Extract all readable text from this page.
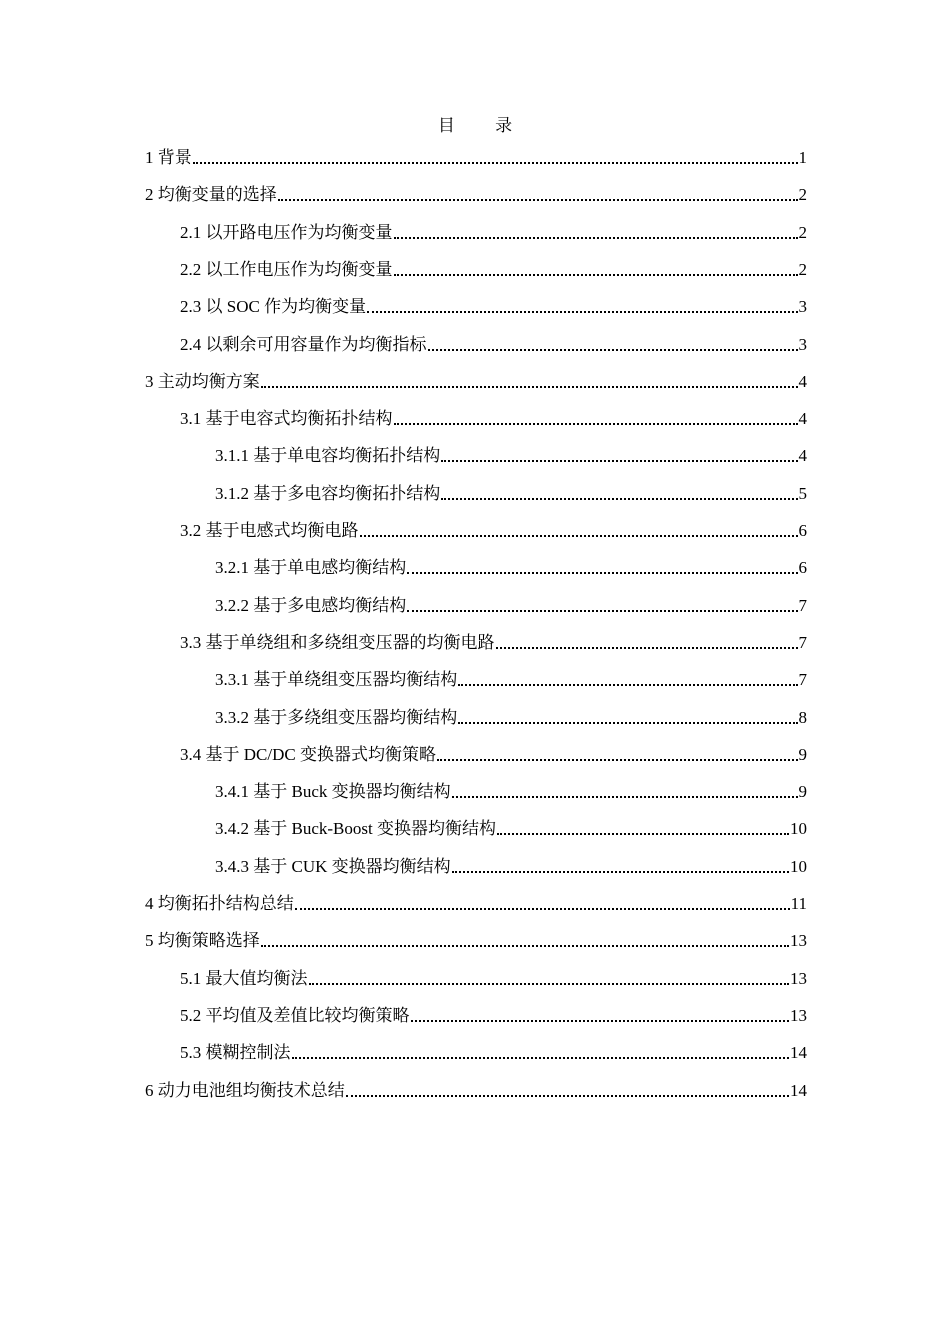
目 录
1 背景	1
2 均衡变量的选择	2
2.1 以开路电压作为均衡变量	2
2.2 以工作电压作为均衡变量	2
2.3 以 SOC 作为均衡变量	3
2.4 以剩余可用容量作为均衡指标	3
3 主动均衡方案	4
3.1 基于电容式均衡拓扑结构	4
3.1.1 基于单电容均衡拓扑结构	4
3.1.2 基于多电容均衡拓扑结构	5
3.2 基于电感式均衡电路	6
3.2.1 基于单电感均衡结构	6
3.2.2 基于多电感均衡结构	7
3.3 基于单绕组和多绕组变压器的均衡电路	7
3.3.1 基于单绕组变压器均衡结构	7
3.3.2 基于多绕组变压器均衡结构	8
3.4 基于 DC/DC 变换器式均衡策略	9
3.4.1 基于 Buck 变换器均衡结构	9
3.4.2 基于 Buck-Boost 变换器均衡结构	10
3.4.3 基于 CUK 变换器均衡结构	10
4 均衡拓扑结构总结	11
5 均衡策略选择	13
5.1 最大值均衡法	13
5.2 平均值及差值比较均衡策略	13
5.3 模糊控制法	14
6 动力电池组均衡技术总结	14
